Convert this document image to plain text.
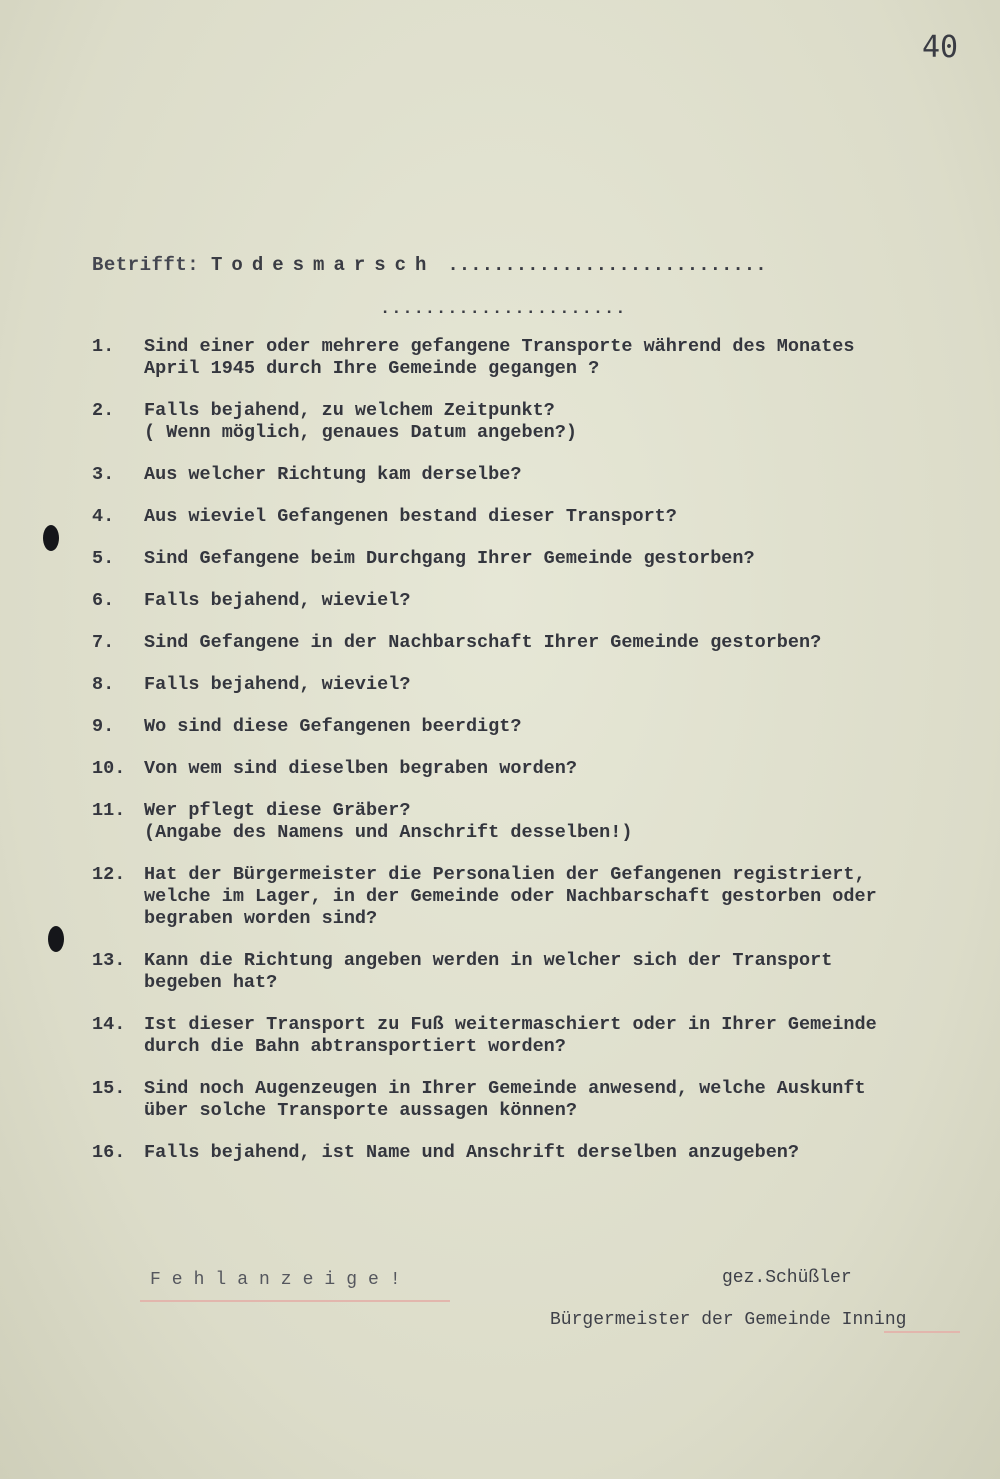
40
Betrifft: Todesmarsch ............................
......................
1. Sind einer oder mehrere gefangene Transporte während des Monates
April 1945 durch Ihre Gemeinde gegangen ?
2. Falls bejahend, zu welchem Zeitpunkt?
( Wenn möglich, genaues Datum angeben?)
3. Aus welcher Richtung kam derselbe?
4. Aus wieviel Gefangenen bestand dieser Transport?
5. Sind Gefangene beim Durchgang Ihrer Gemeinde gestorben?
6. Falls bejahend, wieviel?
7. Sind Gefangene in der Nachbarschaft Ihrer Gemeinde gestorben?
8. Falls bejahend, wieviel?
9. Wo sind diese Gefangenen beerdigt?
10. Von wem sind dieselben begraben worden?
11. Wer pflegt diese Gräber?
(Angabe des Namens und Anschrift desselben!)
12. Hat der Bürgermeister die Personalien der Gefangenen registriert,
welche im Lager, in der Gemeinde oder Nachbarschaft gestorben oder
begraben worden sind?
13. Kann die Richtung angeben werden in welcher sich der Transport
begeben hat?
14. Ist dieser Transport zu Fuß weitermaschiert oder in Ihrer Gemeinde
durch die Bahn abtransportiert worden?
15. Sind noch Augenzeugen in Ihrer Gemeinde anwesend, welche Auskunft
über solche Transporte aussagen können?
16. Falls bejahend, ist Name und Anschrift derselben anzugeben?
Fehlanzeige!	gez.Schüßler
Bürgermeister der Gemeinde Inning
